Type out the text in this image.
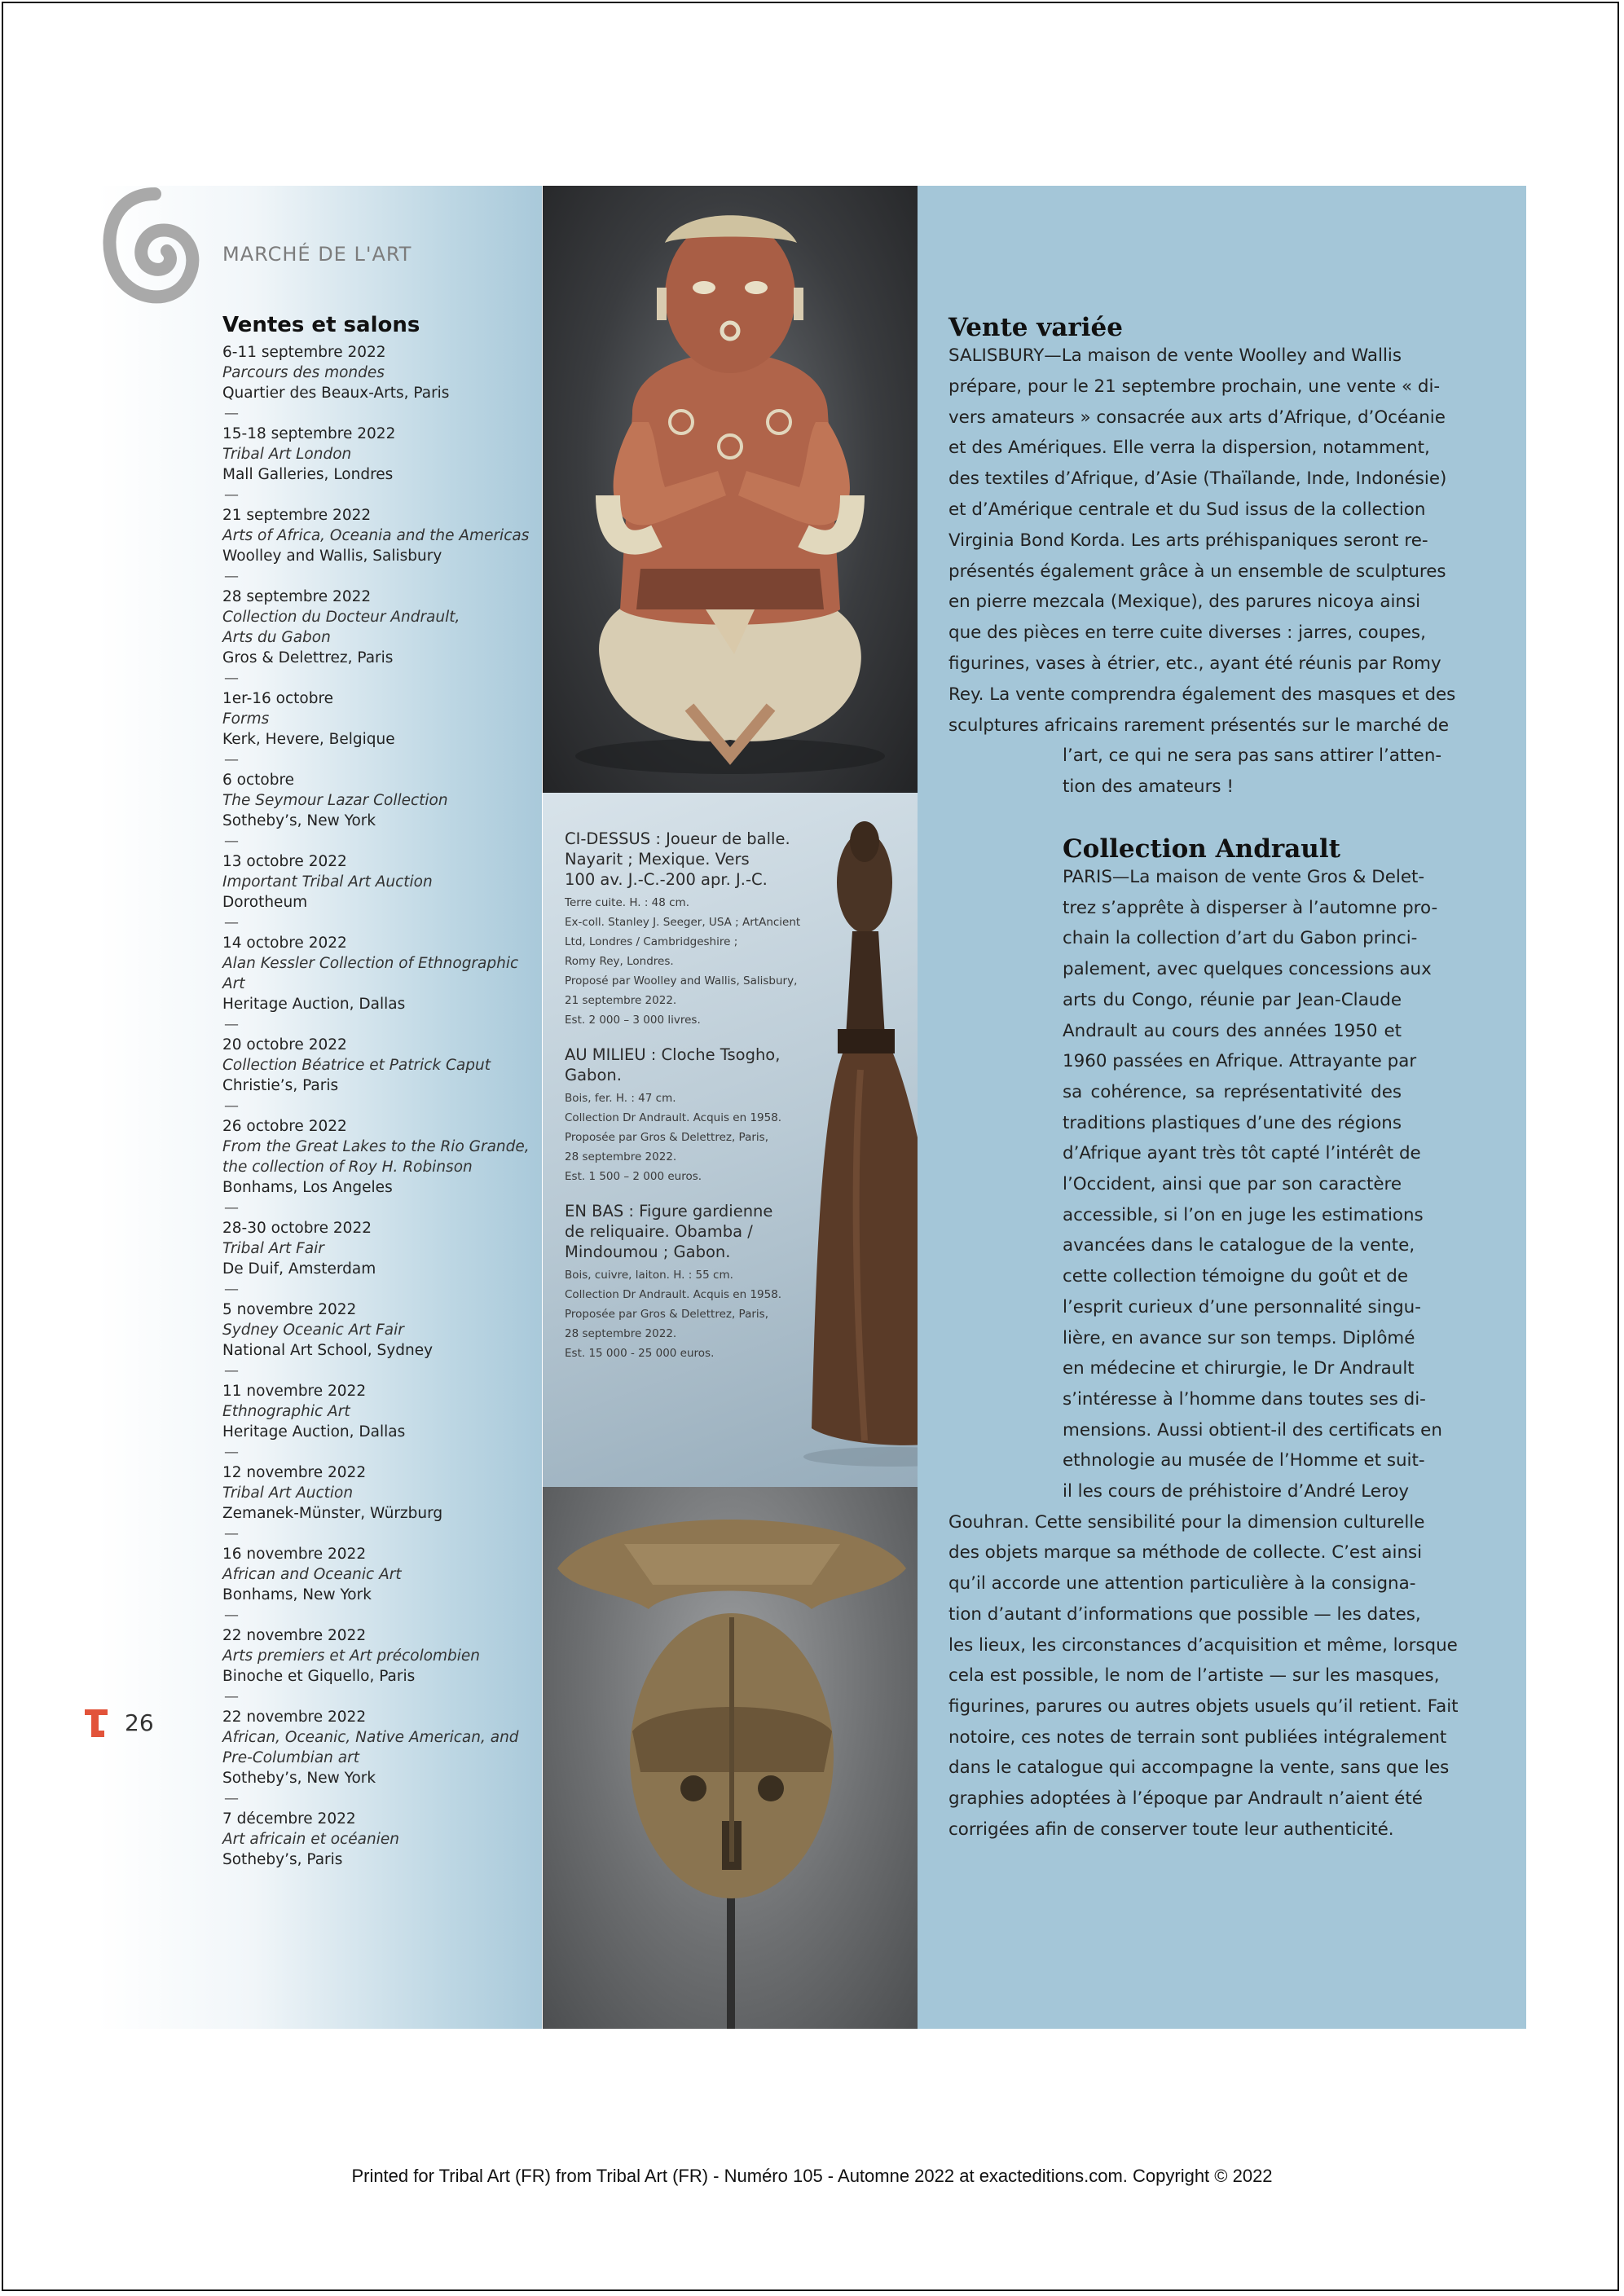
MARCHÉ DE L'ART
Ventes et salons
6-11 septembre 2022
Parcours des mondes
Quartier des Beaux-Arts, Paris
—
15-18 septembre 2022
Tribal Art London
Mall Galleries, Londres
—
21 septembre 2022
Arts of Africa, Oceania and the Americas
Woolley and Wallis, Salisbury
—
28 septembre 2022
Collection du Docteur Andrault,
Arts du Gabon
Gros & Delettrez, Paris
—
1er-16 octobre
Forms
Kerk, Hevere, Belgique
—
6 octobre
The Seymour Lazar Collection
Sotheby’s, New York
—
13 octobre 2022
Important Tribal Art Auction
Dorotheum
—
14 octobre 2022
Alan Kessler Collection of Ethnographic Art
Heritage Auction, Dallas
—
20 octobre 2022
Collection Béatrice et Patrick Caput
Christie’s, Paris
—
26 octobre 2022
From the Great Lakes to the Rio Grande,
the collection of Roy H. Robinson
Bonhams, Los Angeles
—
28-30 octobre 2022
Tribal Art Fair
De Duif, Amsterdam
—
5 novembre 2022
Sydney Oceanic Art Fair
National Art School, Sydney
—
11 novembre 2022
Ethnographic Art
Heritage Auction, Dallas
—
12 novembre 2022
Tribal Art Auction
Zemanek-Münster, Würzburg
—
16 novembre 2022
African and Oceanic Art
Bonhams, New York
—
22 novembre 2022
Arts premiers et Art précolombien
Binoche et Giquello, Paris
—
22 novembre 2022
African, Oceanic, Native American, and
Pre-Columbian art
Sotheby’s, New York
—
7 décembre 2022
Art africain et océanien
Sotheby’s, Paris
26
CI-DESSUS : Joueur de balle.
Nayarit ; Mexique. Vers
100 av. J.-C.-200 apr. J.-C.
Terre cuite. H. : 48 cm.
Ex-coll. Stanley J. Seeger, USA ; ArtAncient
Ltd, Londres / Cambridgeshire ;
Romy Rey, Londres.
Proposé par Woolley and Wallis, Salisbury,
21 septembre 2022.
Est. 2 000 – 3 000 livres.
AU MILIEU : Cloche Tsogho,
Gabon.
Bois, fer. H. : 47 cm.
Collection Dr Andrault. Acquis en 1958.
Proposée par Gros & Delettrez, Paris,
28 septembre 2022.
Est. 1 500 – 2 000 euros.
EN BAS : Figure gardienne
de reliquaire. Obamba /
Mindoumou ; Gabon.
Bois, cuivre, laiton. H. : 55 cm.
Collection Dr Andrault. Acquis en 1958.
Proposée par Gros & Delettrez, Paris,
28 septembre 2022.
Est. 15 000 - 25 000 euros.
Vente variée
SALISBURY—La maison de vente Woolley and Wallis
prépare, pour le 21 septembre prochain, une vente « di-
vers amateurs » consacrée aux arts d’Afrique, d’Océanie
et des Amériques. Elle verra la dispersion, notamment,
des textiles d’Afrique, d’Asie (Thaïlande, Inde, Indonésie)
et d’Amérique centrale et du Sud issus de la collection
Virginia Bond Korda. Les arts préhispaniques seront re-
présentés également grâce à un ensemble de sculptures
en pierre mezcala (Mexique), des parures nicoya ainsi
que des pièces en terre cuite diverses : jarres, coupes,
figurines, vases à étrier, etc., ayant été réunis par Romy
Rey. La vente comprendra également des masques et des
sculptures africains rarement présentés sur le marché de
l’art, ce qui ne sera pas sans attirer l’atten-
tion des amateurs !
Collection Andrault
PARIS—La maison de vente Gros & Delet-
trez s’apprête à disperser à l’automne pro-
chain la collection d’art du Gabon princi-
palement, avec quelques concessions aux
arts du Congo, réunie par Jean-Claude
Andrault au cours des années 1950 et
1960 passées en Afrique. Attrayante par
sa cohérence, sa représentativité des
traditions plastiques d’une des régions
d’Afrique ayant très tôt capté l’intérêt de
l’Occident, ainsi que par son caractère
accessible, si l’on en juge les estimations
avancées dans le catalogue de la vente,
cette collection témoigne du goût et de
l’esprit curieux d’une personnalité singu-
lière, en avance sur son temps. Diplômé
en médecine et chirurgie, le Dr Andrault
s’intéresse à l’homme dans toutes ses di-
mensions. Aussi obtient-il des certificats en
ethnologie au musée de l’Homme et suit-
il les cours de préhistoire d’André Leroy
Gouhran. Cette sensibilité pour la dimension culturelle
des objets marque sa méthode de collecte. C’est ainsi
qu’il accorde une attention particulière à la consigna-
tion d’autant d’informations que possible — les dates,
les lieux, les circonstances d’acquisition et même, lorsque
cela est possible, le nom de l’artiste — sur les masques,
figurines, parures ou autres objets usuels qu’il retient. Fait
notoire, ces notes de terrain sont publiées intégralement
dans le catalogue qui accompagne la vente, sans que les
graphies adoptées à l’époque par Andrault n’aient été
corrigées afin de conserver toute leur authenticité.
Printed for Tribal Art (FR) from Tribal Art (FR) - Numéro 105 - Automne 2022 at exacteditions.com. Copyright © 2022
